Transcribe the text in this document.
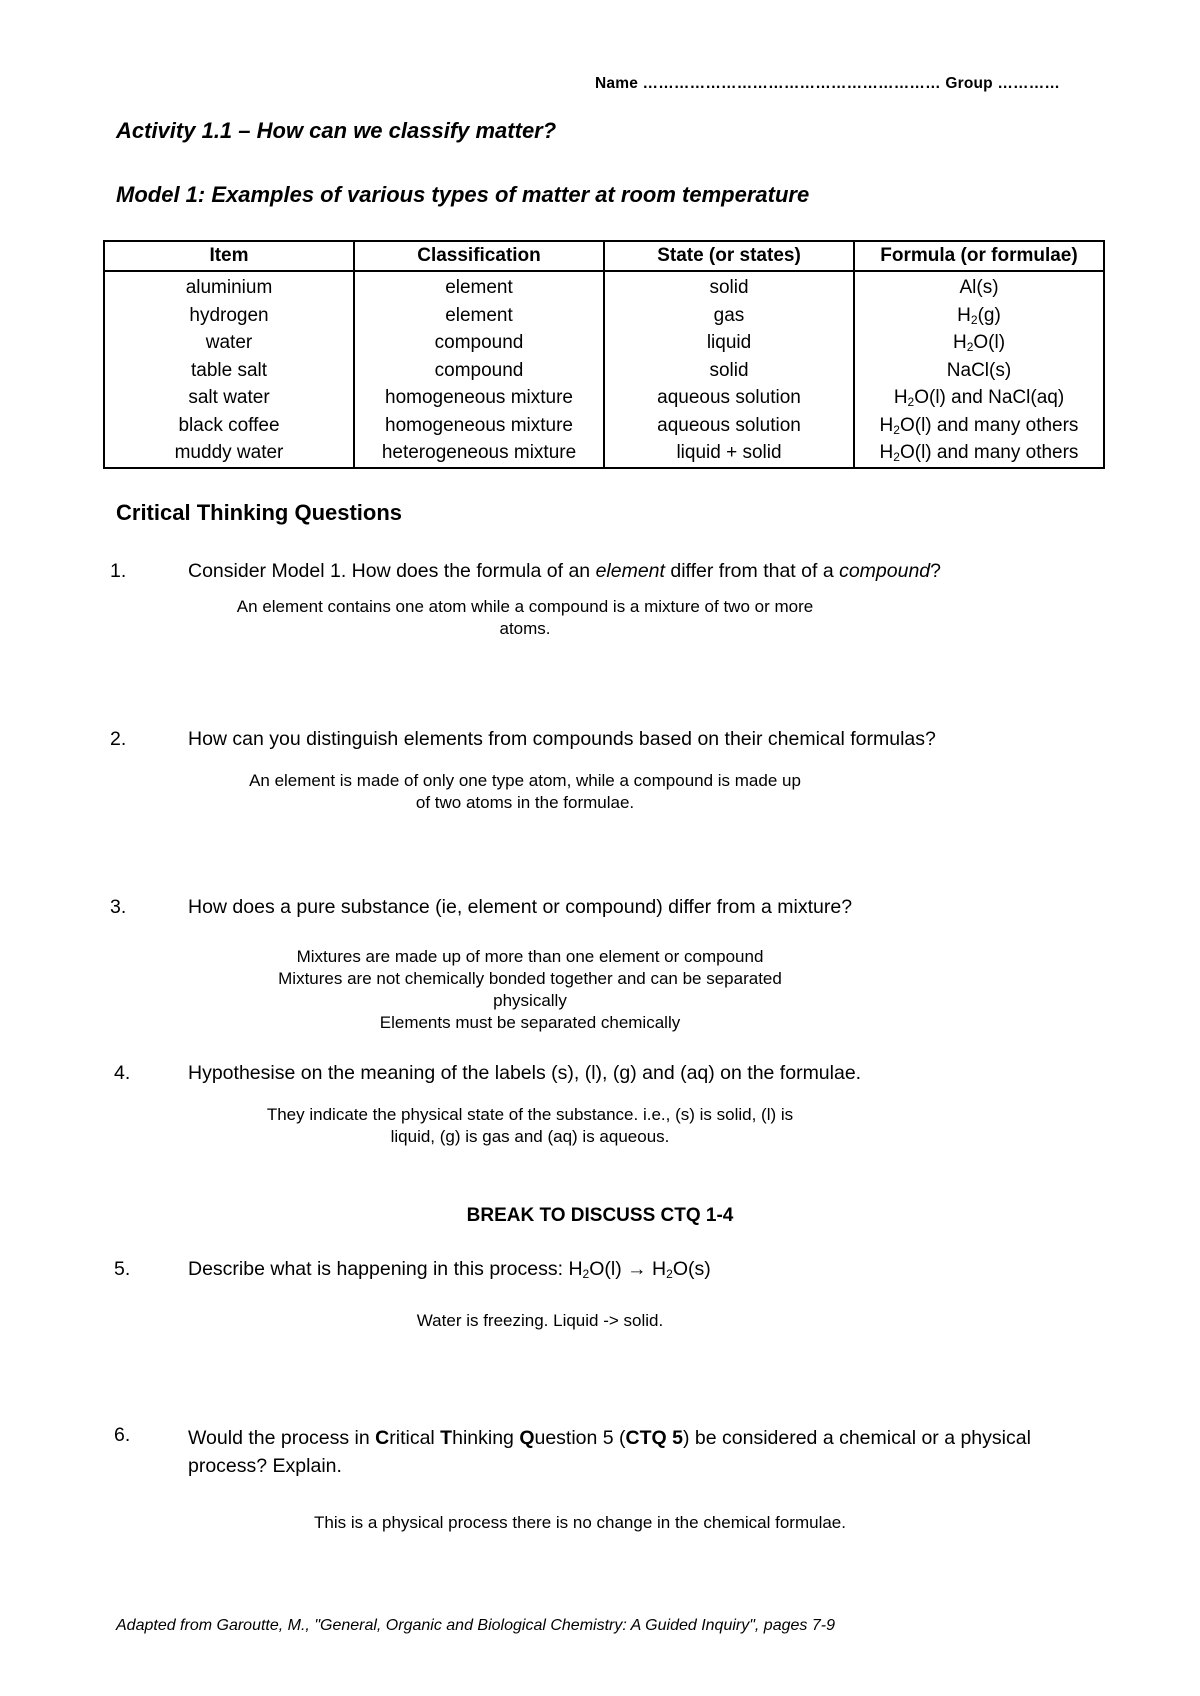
Name ………………………………………………… Group …………
Activity 1.1 – How can we classify matter?
Model 1: Examples of various types of matter at room temperature
Item	Classification	State (or states)	Formula (or formulae)
aluminium	element	solid	Al(s)
hydrogen	element	gas	$H_2(g)$
water	compound	liquid	$H_2O(l)$
table salt	compound	solid	NaCl(s)
salt water	homogeneous mixture	aqueous solution	$H_2O(l)$ and NaCl(aq)
black coffee	homogeneous mixture	aqueous solution	$H_2O(l)$ and many others
muddy water	heterogeneous mixture	liquid + solid	$H_2O(l)$ and many others
Critical Thinking Questions
1.	Consider Model 1. How does the formula of an element differ from that of a compound?
An element contains one atom while a compound is a mixture of two or more
atoms.
2.	How can you distinguish elements from compounds based on their chemical formulas?
An element is made of only one type atom, while a compound is made up
of two atoms in the formulae.
3.	How does a pure substance (ie, element or compound) differ from a mixture?
Mixtures are made up of more than one element or compound
Mixtures are not chemically bonded together and can be separated
physically
Elements must be separated chemically
4.	Hypothesise on the meaning of the labels (s), (l), (g) and (aq) on the formulae.
They indicate the physical state of the substance. i.e., (s) is solid, (l) is
liquid, (g) is gas and (aq) is aqueous.
BREAK TO DISCUSS CTQ 1-4
5.	Describe what is happening in this process: $H_2O(l) \to H_2O(s)$
Water is freezing. Liquid -> solid.
6.	Would the process in Critical Thinking Question 5 (CTQ 5) be considered a chemical or a physical process? Explain.
This is a physical process there is no change in the chemical formulae.
Adapted from Garoutte, M., "General, Organic and Biological Chemistry: A Guided Inquiry", pages 7-9
